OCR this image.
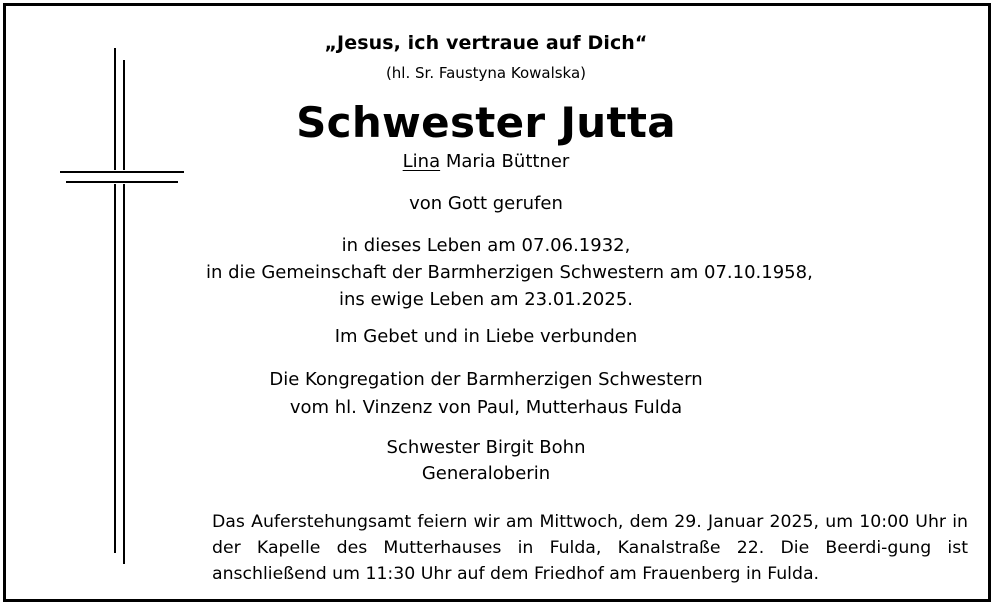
„Jesus, ich vertraue auf Dich“
(hl. Sr. Faustyna Kowalska)
Schwester Jutta
Lina Maria Büttner
von Gott gerufen
in dieses Leben am 07.06.1932,
in die Gemeinschaft der Barmherzigen Schwestern am 07.10.1958,
ins ewige Leben am 23.01.2025.
Im Gebet und in Liebe verbunden
Die Kongregation der Barmherzigen Schwestern
vom hl. Vinzenz von Paul, Mutterhaus Fulda
Schwester Birgit Bohn
Generaloberin
Das Auferstehungsamt feiern wir am Mittwoch, dem 29. Januar 2025, um 10:00 Uhr in der Kapelle des Mutterhauses in Fulda, Kanalstraße 22. Die Beerdi-gung ist anschließend um 11:30 Uhr auf dem Friedhof am Frauenberg in Fulda.
